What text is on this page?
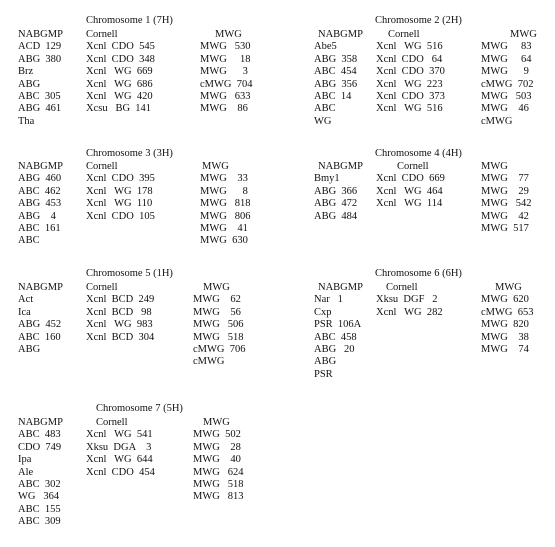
Chromosome 1 (7H)
NABGMP
ACD  129
ABG  380
Brz
ABG
ABC  305
ABG  461
Tha
Cornell
Xcnl  CDO  545
Xcnl  CDO  348
Xcnl   WG  669
Xcnl   WG  686
Xcnl   WG  420
Xcsu   BG  141
MWG
MWG   530
MWG     18
MWG      3
cMWG  704
MWG   633
MWG    86
Chromosome 2 (2H)
NABGMP
Abe5
ABG  358
ABC  454
ABG  356
ABC  14
ABC
WG
Cornell
Xcnl   WG  516
Xcnl  CDO   64
Xcnl  CDO  370
Xcnl   WG  223
Xcnl  CDO  373
Xcnl   WG  516
MWG
MWG     83
MWG     64
MWG      9
cMWG  702
MWG   503
MWG    46
cMWG
Chromosome 3 (3H)
NABGMP
ABG  460
ABC  462
ABG  453
ABG    4
ABC  161
ABC
Cornell
Xcnl  CDO  395
Xcnl   WG  178
Xcnl   WG  110
Xcnl  CDO  105
MWG
MWG    33
MWG      8
MWG   818
MWG   806
MWG    41
MWG  630
Chromosome 4 (4H)
NABGMP
Bmy1
ABG  366
ABG  472
ABG  484
Cornell
Xcnl  CDO  669
Xcnl   WG  464
Xcnl   WG  114
MWG
MWG    77
MWG    29
MWG   542
MWG    42
MWG  517
Chromosome 5 (1H)
NABGMP
Act
Ica
ABG  452
ABC  160
ABG
Cornell
Xcnl  BCD  249
Xcnl  BCD   98
Xcnl   WG  983
Xcnl  BCD  304
MWG
MWG    62
MWG    56
MWG   506
MWG   518
cMWG  706
cMWG
Chromosome 6 (6H)
NABGMP
Nar   1
Cxp
PSR  106A
ABC  458
ABG   20
ABG
PSR
Cornell
Xksu  DGF   2
Xcnl   WG  282
MWG
MWG  620
cMWG  653
MWG  820
MWG    38
MWG    74
Chromosome 7 (5H)
NABGMP
ABC  483
CDO  749
Ipa
Ale
ABC  302
WG   364
ABC  155
ABC  309
Cornell
Xcnl   WG  541
Xksu  DGA    3
Xcnl   WG  644
Xcnl  CDO  454
MWG
MWG  502
MWG    28
MWG    40
MWG   624
MWG   518
MWG   813
